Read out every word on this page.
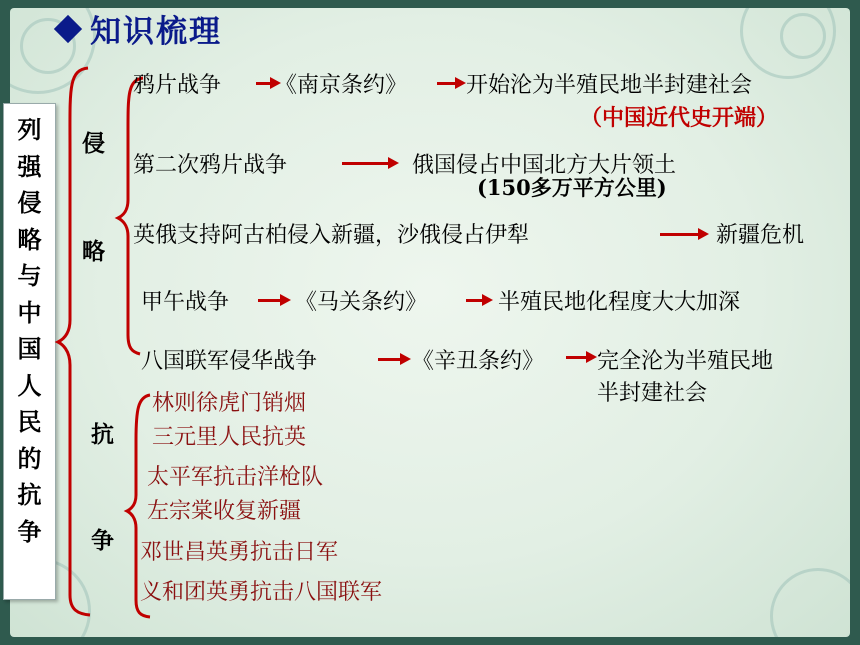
知识梳理
列
强
侵
略
与
中
国
人
民
的
抗
争
侵
略
抗
争
鸦片战争 《南京条约》	开始沦为半殖民地半封建社会
（中国近代史开端）
第二次鸦片战争	俄国侵占中国北方大片领土
(150多万平方公里)
英俄支持阿古柏侵入新疆，沙俄侵占伊犁	新疆危机
甲午战争	《马关条约》	半殖民地化程度大大加深
八国联军侵华战争	《辛丑条约》 完全沦为半殖民地
半封建社会
林则徐虎门销烟
三元里人民抗英
太平军抗击洋枪队
左宗棠收复新疆
邓世昌英勇抗击日军
义和团英勇抗击八国联军
